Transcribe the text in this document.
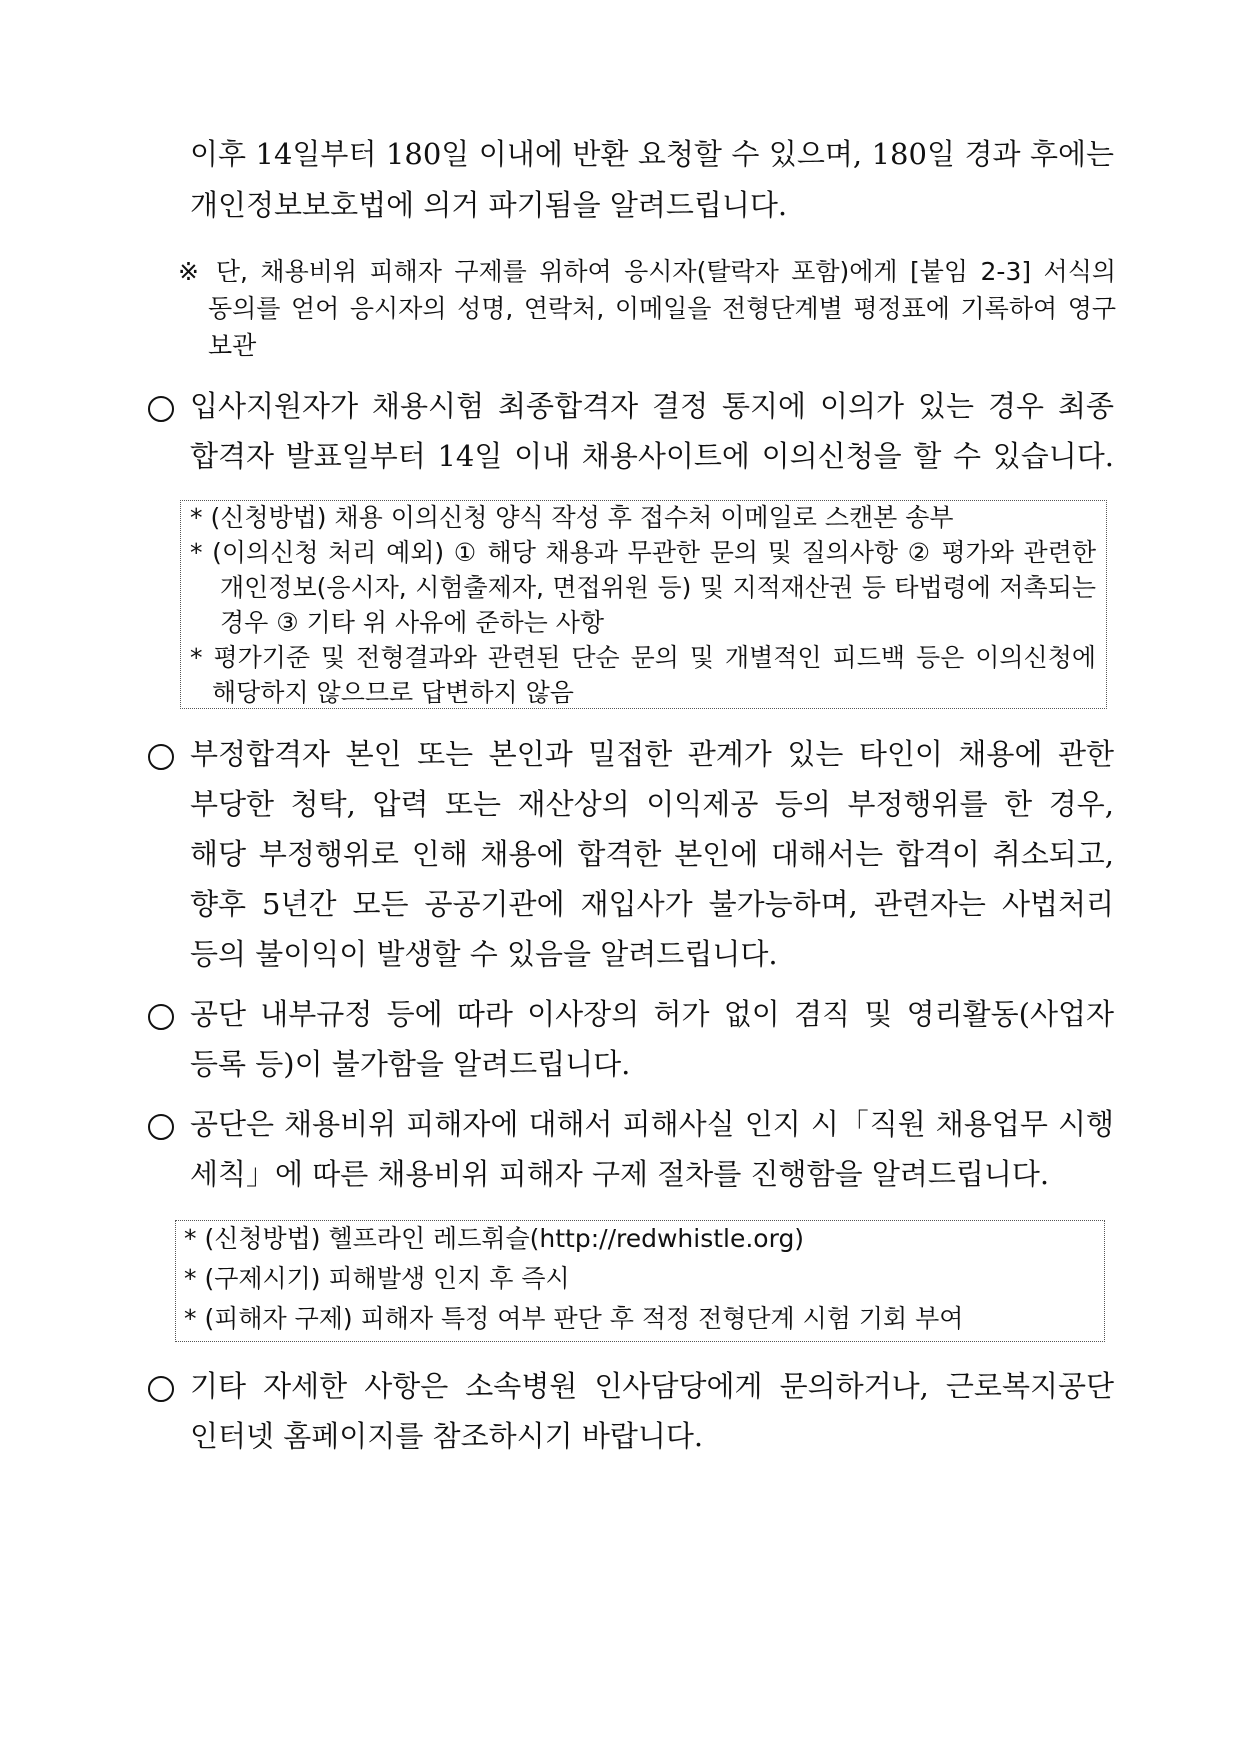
이후 14일부터 180일 이내에 반환 요청할 수 있으며, 180일 경과 후에는
개인정보보호법에 의거 파기됨을 알려드립니다.
※ 단, 채용비위 피해자 구제를 위하여 응시자(탈락자 포함)에게 [붙임 2-3] 서식의
동의를 얻어 응시자의 성명, 연락처, 이메일을 전형단계별 평정표에 기록하여 영구
보관
입사지원자가 채용시험 최종합격자 결정 통지에 이의가 있는 경우 최종
합격자 발표일부터 14일 이내 채용사이트에 이의신청을 할 수 있습니다.
* (신청방법) 채용 이의신청 양식 작성 후 접수처 이메일로 스캔본 송부
* (이의신청 처리 예외) ① 해당 채용과 무관한 문의 및 질의사항 ② 평가와 관련한
개인정보(응시자, 시험출제자, 면접위원 등) 및 지적재산권 등 타법령에 저촉되는
경우 ③ 기타 위 사유에 준하는 사항
* 평가기준 및 전형결과와 관련된 단순 문의 및 개별적인 피드백 등은 이의신청에
해당하지 않으므로 답변하지 않음
부정합격자 본인 또는 본인과 밀접한 관계가 있는 타인이 채용에 관한
부당한 청탁, 압력 또는 재산상의 이익제공 등의 부정행위를 한 경우,
해당 부정행위로 인해 채용에 합격한 본인에 대해서는 합격이 취소되고,
향후 5년간 모든 공공기관에 재입사가 불가능하며, 관련자는 사법처리
등의 불이익이 발생할 수 있음을 알려드립니다.
공단 내부규정 등에 따라 이사장의 허가 없이 겸직 및 영리활동(사업자
등록 등)이 불가함을 알려드립니다.
공단은 채용비위 피해자에 대해서 피해사실 인지 시「직원 채용업무 시행
세칙」에 따른 채용비위 피해자 구제 절차를 진행함을 알려드립니다.
* (신청방법) 헬프라인 레드휘슬(http://redwhistle.org)
* (구제시기) 피해발생 인지 후 즉시
* (피해자 구제) 피해자 특정 여부 판단 후 적정 전형단계 시험 기회 부여
기타 자세한 사항은 소속병원 인사담당에게 문의하거나, 근로복지공단
인터넷 홈페이지를 참조하시기 바랍니다.
